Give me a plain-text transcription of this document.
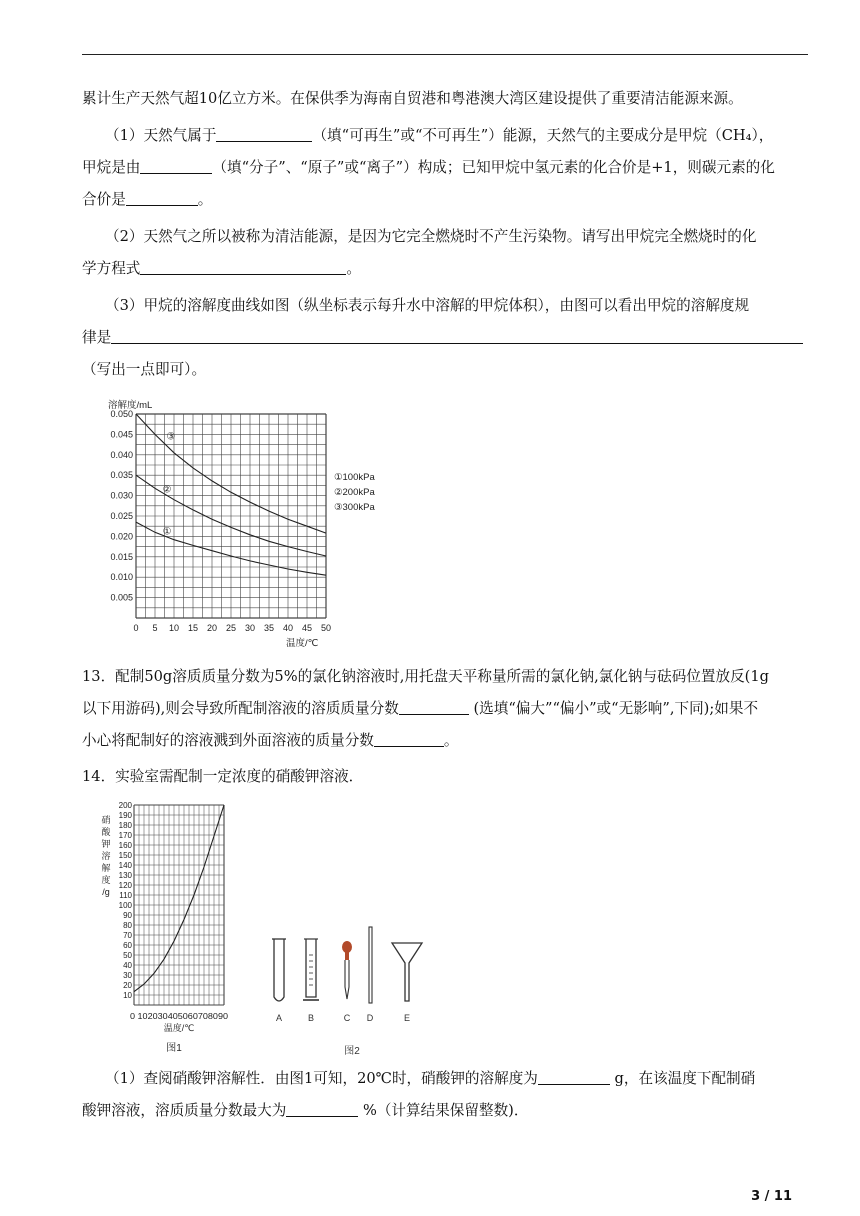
累计生产天然气超10亿立方米。在保供季为海南自贸港和粤港澳大湾区建设提供了重要清洁能源来源。
（1）天然气属于	（填“可再生”或“不可再生”）能源，天然气的主要成分是甲烷（CH₄），
甲烷是由	（填“分子”、“原子”或“离子”）构成；已知甲烷中氢元素的化合价是+1，则碳元素的化
合价是	。
（2）天然气之所以被称为清洁能源，是因为它完全燃烧时不产生污染物。请写出甲烷完全燃烧时的化
学方程式	。
（3）甲烷的溶解度曲线如图（纵坐标表示每升水中溶解的甲烷体积），由图可以看出甲烷的溶解度规
律是
（写出一点即可）。
0.005
0.010
0.015
0.020
0.025
0.030
0.035
0.040
0.045
0.050
0 5 10 15 20 25 30 35 40 45 50
溶解度/mL
温度/℃
①
②
③
①100kPa
②200kPa
③300kPa
13．配制50g溶质质量分数为5%的氯化钠溶液时,用托盘天平称量所需的氯化钠,氯化钠与砝码位置放反(1g
以下用游码),则会导致所配制溶液的溶质质量分数	(选填“偏大”“偏小”或“无影响”,下同);如果不
小心将配制好的溶液溅到外面溶液的质量分数	。
14．实验室需配制一定浓度的硝酸钾溶液．
200
190
180
170
160
150
140
130
120
110
100
90
80
70
60
50
40
30
20
10
0 102030405060708090
温度/℃
硝
酸
钾
溶
解
度
/g
图1
A	B	C D	E
图2
（1）查阅硝酸钾溶解性．由图1可知，20℃时，硝酸钾的溶解度为	g，在该温度下配制硝
酸钾溶液，溶质质量分数最大为	%（计算结果保留整数)．
3 / 11
